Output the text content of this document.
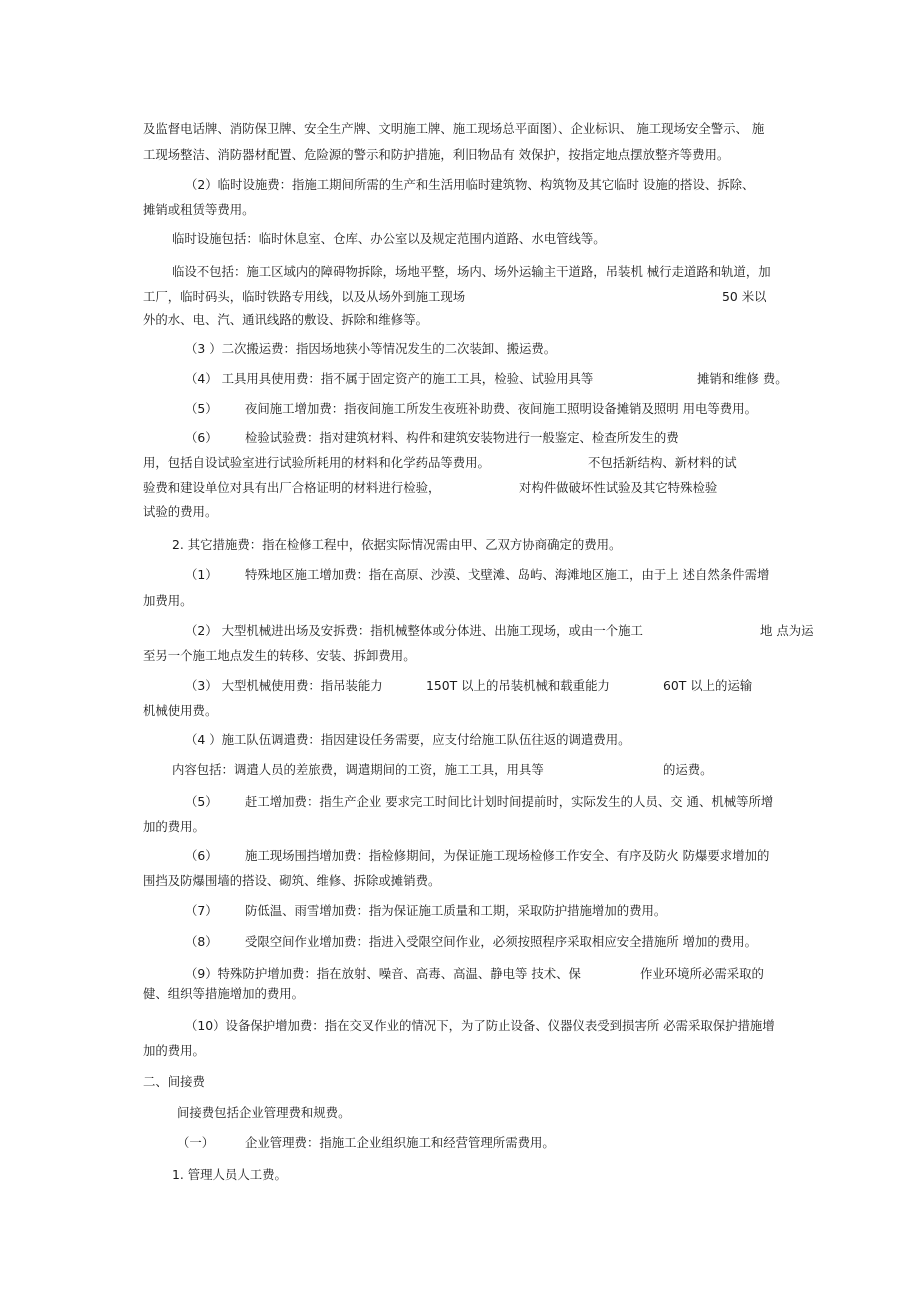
及监督电话牌、消防保卫牌、安全生产牌、文明施工牌、施工现场总平面图）、企业标识、 施工现场安全警示、 施
工现场整洁、消防器材配置、危险源的警示和防护措施，利旧物品有 效保护，按指定地点摆放整齐等费用。
（2）临时设施费：指施工期间所需的生产和生活用临时建筑物、构筑物及其它临时 设施的搭设、拆除、
摊销或租赁等费用。
临时设施包括：临时休息室、仓库、办公室以及规定范围内道路、水电管线等。
临设不包括：施工区域内的障碍物拆除，场地平整，场内、场外运输主干道路，吊装机 械行走道路和轨道，加
工厂，临时码头，临时铁路专用线，以及从场外到施工现场	50 米以
外的水、电、汽、通讯线路的敷设、拆除和维修等。
（3 ）二次搬运费：指因场地狭小等情况发生的二次装卸、搬运费。
（4） 工具用具使用费：指不属于固定资产的施工工具，检验、试验用具等	摊销和维修 费。
（5） 夜间施工增加费：指夜间施工所发生夜班补助费、夜间施工照明设备摊销及照明 用电等费用。
（6） 检验试验费：指对建筑材料、构件和建筑安装物进行一般鉴定、检查所发生的费
用，包括自设试验室进行试验所耗用的材料和化学药品等费用。	不包括新结构、新材料的试
验费和建设单位对具有出厂合格证明的材料进行检验，	对构件做破坏性试验及其它特殊检验
试验的费用。
2. 其它措施费：指在检修工程中，依据实际情况需由甲、乙双方协商确定的费用。
（1） 特殊地区施工增加费：指在高原、沙漠、戈壁滩、岛屿、海滩地区施工，由于上 述自然条件需增
加费用。
（2） 大型机械进出场及安拆费：指机械整体或分体进、出施工现场，或由一个施工	地 点为运
至另一个施工地点发生的转移、安装、拆卸费用。
（3） 大型机械使用费：指吊装能力	150T 以上的吊装机械和载重能力	60T 以上的运输
机械使用费。
（4 ）施工队伍调遣费：指因建设任务需要，应支付给施工队伍往返的调遣费用。
内容包括：调遣人员的差旅费，调遣期间的工资，施工工具，用具等	的运费。
（5） 赶工增加费：指生产企业 要求完工时间比计划时间提前时，实际发生的人员、交 通、机械等所增
加的费用。
（6） 施工现场围挡增加费：指检修期间，为保证施工现场检修工作安全、有序及防火 防爆要求增加的
围挡及防爆围墙的搭设、砌筑、维修、拆除或摊销费。
（7） 防低温、雨雪增加费：指为保证施工质量和工期，采取防护措施增加的费用。
（8） 受限空间作业增加费：指进入受限空间作业，必须按照程序采取相应安全措施所 增加的费用。
（9）特殊防护增加费：指在放射、噪音、高毒、高温、静电等 技术、保	作业环境所必需采取的
健、组织等措施增加的费用。
（10）设备保护增加费：指在交叉作业的情况下，为了防止设备、仪器仪表受到损害所 必需采取保护措施增
加的费用。
二、间接费
间接费包括企业管理费和规费。
（一） 企业管理费：指施工企业组织施工和经营管理所需费用。
1. 管理人员人工费。
